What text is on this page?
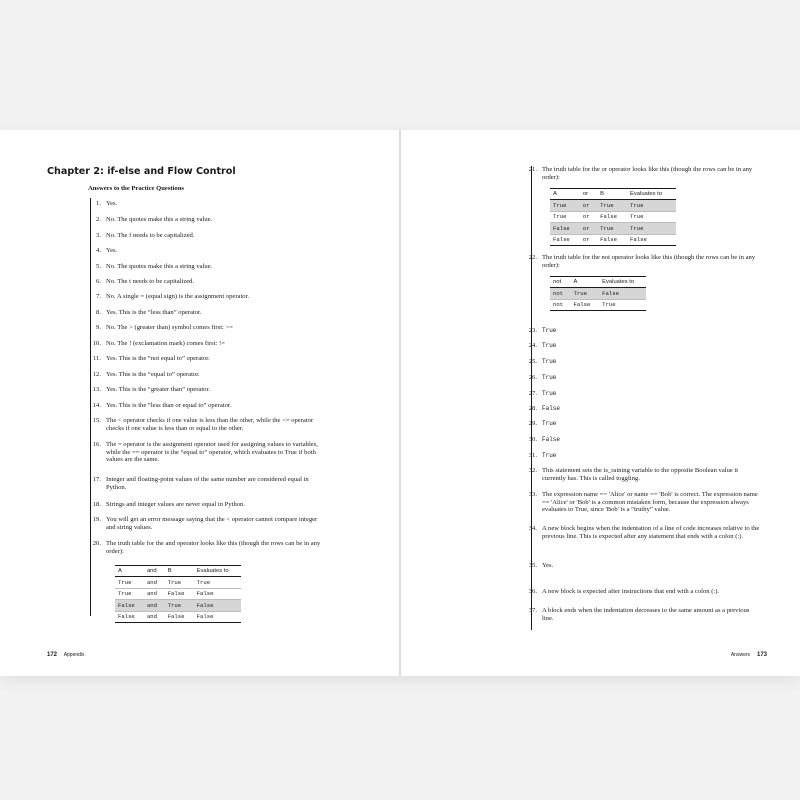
Chapter 2: if-else and Flow Control
Answers to the Practice Questions
1. Yes.
2. No. The quotes make this a string value.
3. No. The f needs to be capitalized.
4. Yes.
5. No. The quotes make this a string value.
6. No. The t needs to be capitalized.
7. No. A single = (equal sign) is the assignment operator.
8. Yes. This is the “less than” operator.
9. No. The > (greater than) symbol comes first: >=
10. No. The ! (exclamation mark) comes first: !=
11. Yes. This is the “not equal to” operator.
12. Yes. This is the “equal to” operator.
13. Yes. This is the “greater than” operator.
14. Yes. This is the “less than or equal to” operator.
15. The < operator checks if one value is less than the other, while the <= operator checks if one value is less than or equal to the other.
16. The = operator is the assignment operator used for assigning values to variables, while the == operator is the “equal to” operator, which evaluates to True if both values are the same.
17. Integer and floating-point values of the same number are considered equal in Python.
18. Strings and integer values are never equal in Python.
19. You will get an error message saying that the < operator cannot compare integer and string values.
20. The truth table for the and operator looks like this (though the rows can be in any order):
A	and	B	Evaluates to
True	and	True	True
True	and	False	False
False	and	True	False
False	and	False	False
172 Appendix
21. The truth table for the or operator looks like this (though the rows can be in any order):
22. The truth table for the not operator looks like this (though the rows can be in any order):
23. True
24. True
25. True
26. True
27. True
28. False
29. True
30. False
31. True
32. This statement sets the is_raining variable to the opposite Boolean value it currently has. This is called toggling.
33. The expression name == 'Alice' or name == 'Bob' is correct. The expression name == 'Alice' or 'Bob' is a common mistaken form, because the expression always evaluates to True, since 'Bob' is a “truthy” value.
34. A new block begins when the indentation of a line of code increases relative to the previous line. This is expected after any statement that ends with a colon (:).
35. Yes.
36. A new block is expected after instructions that end with a colon (:).
37. A block ends when the indentation decreases to the same amount as a previous line.
A	or	B	Evaluates to
True	or	True	True
True	or	False	True
False	or	True	True
False	or	False	False
not	A	Evaluates to
not	True	False
not	False	True
Answers 173
